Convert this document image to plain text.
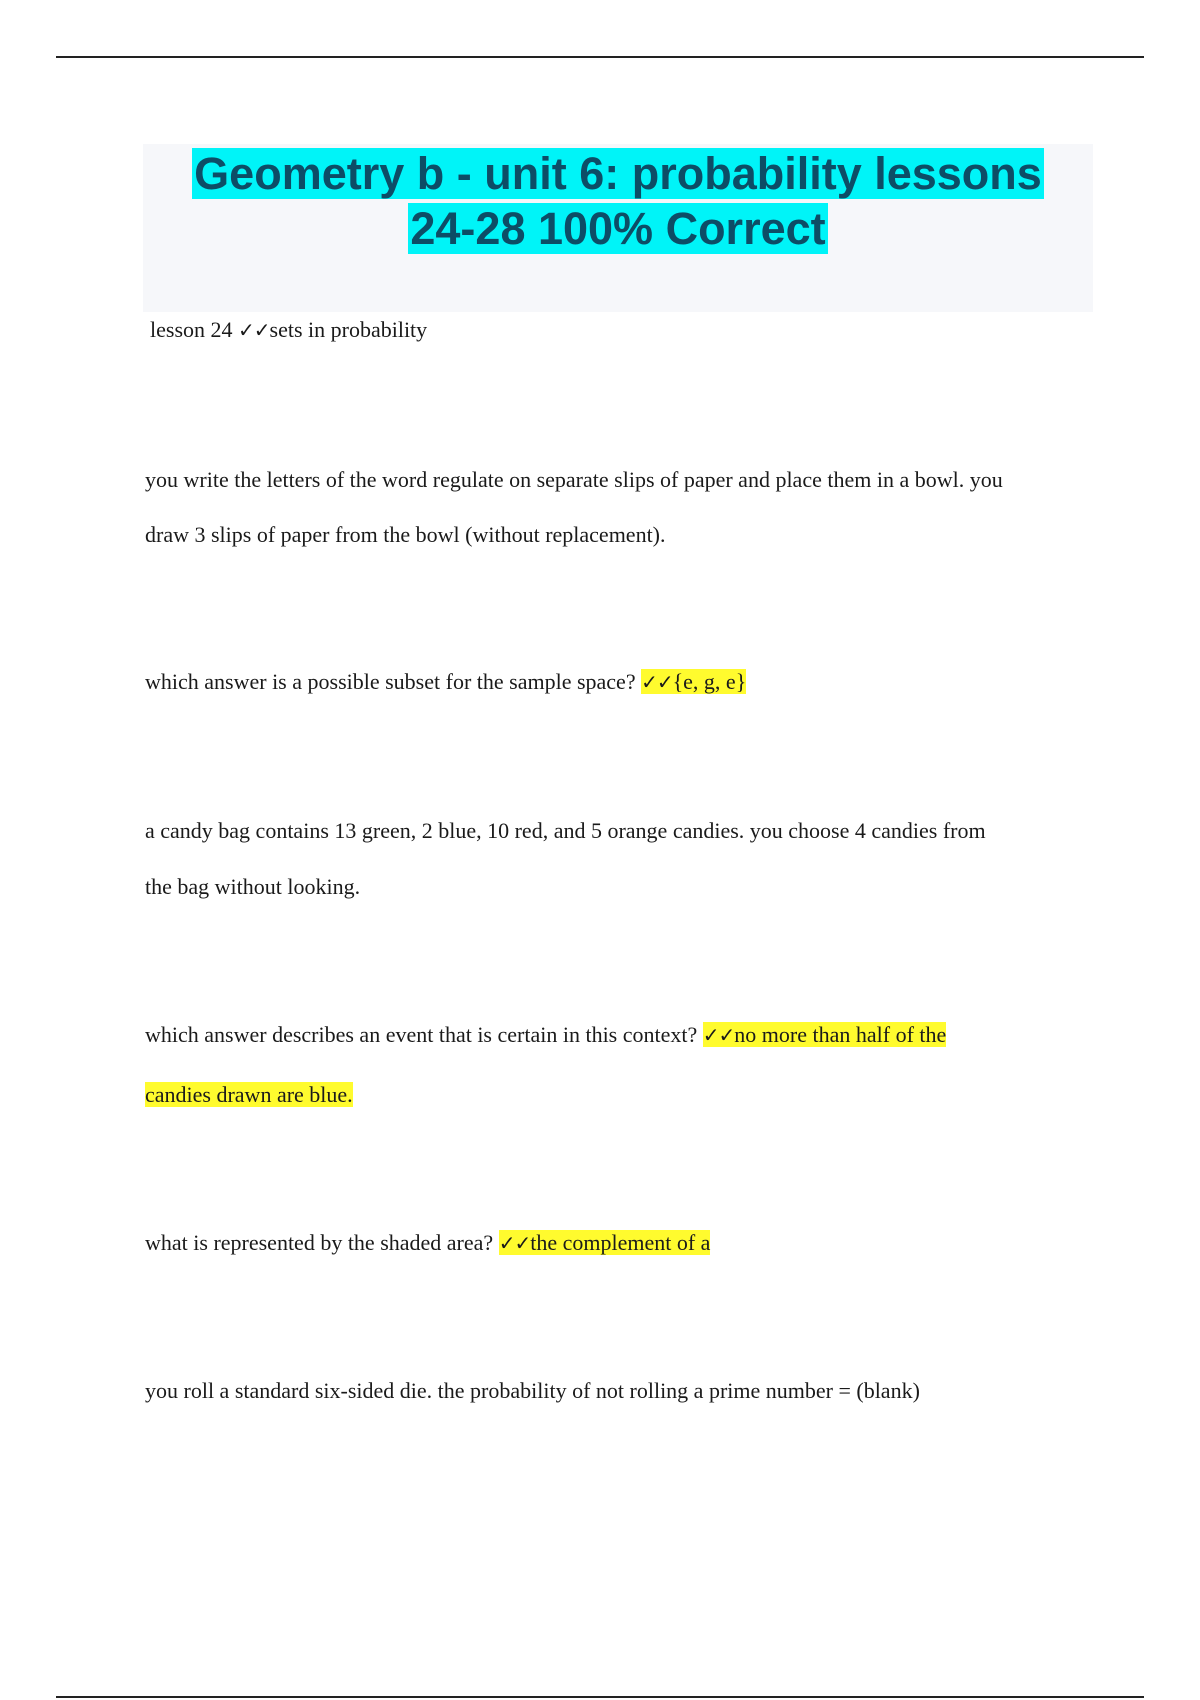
Geometry b - unit 6: probability lessons
24-28 100% Correct

lesson 24 ✓✓sets in probability

you write the letters of the word regulate on separate slips of paper and place them in a bowl. you

draw 3 slips of paper from the bowl (without replacement).

which answer is a possible subset for the sample space? ✓✓{e, g, e}

a candy bag contains 13 green, 2 blue, 10 red, and 5 orange candies. you choose 4 candies from

the bag without looking.

which answer describes an event that is certain in this context? ✓✓no more than half of the

candies drawn are blue.

what is represented by the shaded area? ✓✓the complement of a

you roll a standard six-sided die. the probability of not rolling a prime number = (blank)
